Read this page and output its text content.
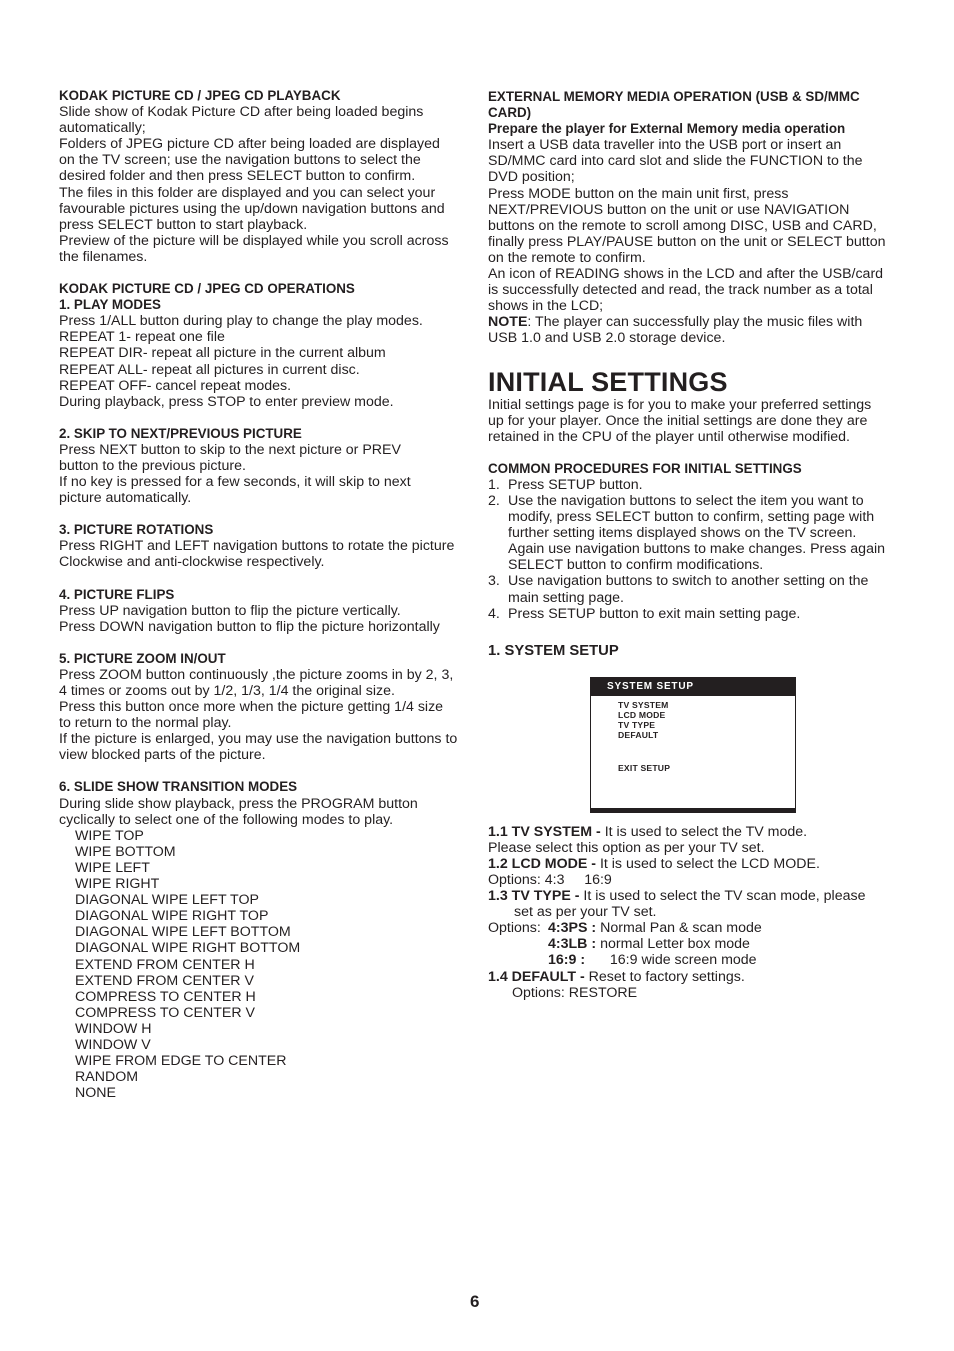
KODAK PICTURE CD / JPEG CD PLAYBACK
Slide show of Kodak Picture CD after being loaded begins
automatically;
Folders of JPEG picture CD after being loaded are displayed
on the TV screen; use the navigation buttons to select the
desired folder and then press SELECT button to confirm.
The files in this folder are displayed and you can select your
favourable pictures using the up/down navigation buttons and
press SELECT button to start playback.
Preview of the picture will be displayed while you scroll across
the filenames.
KODAK PICTURE CD / JPEG CD OPERATIONS
1. PLAY MODES
Press 1/ALL button during play to change the play modes.
REPEAT 1- repeat one file
REPEAT DIR- repeat all picture in the current album
REPEAT ALL- repeat all pictures in current disc.
REPEAT OFF- cancel repeat modes.
During playback, press STOP to enter preview mode.
2. SKIP TO NEXT/PREVIOUS PICTURE
Press NEXT button to skip to the next picture or PREV
button to the previous picture.
If no key is pressed for a few seconds, it will skip to next
picture automatically.
3. PICTURE ROTATIONS
Press RIGHT and LEFT navigation buttons to rotate the picture
Clockwise and anti-clockwise respectively.
4. PICTURE FLIPS
Press UP navigation button to flip the picture vertically.
Press DOWN navigation button to flip the picture horizontally
5. PICTURE ZOOM IN/OUT
Press ZOOM button continuously ,the picture zooms in by 2, 3,
4 times or zooms out by 1/2, 1/3, 1/4 the original size.
Press this button once more when the picture getting 1/4 size
to return to the normal play.
If the picture is enlarged, you may use the navigation buttons to
view blocked parts of the picture.
6. SLIDE SHOW TRANSITION MODES
During slide show playback, press the PROGRAM button
cyclically to select one of the following modes to play.
WIPE TOP
WIPE BOTTOM
WIPE LEFT
WIPE RIGHT
DIAGONAL WIPE LEFT TOP
DIAGONAL WIPE RIGHT TOP
DIAGONAL WIPE LEFT BOTTOM
DIAGONAL WIPE RIGHT BOTTOM
EXTEND FROM CENTER H
EXTEND FROM CENTER V
COMPRESS TO CENTER H
COMPRESS TO CENTER V
WINDOW H
WINDOW V
WIPE FROM EDGE TO CENTER
RANDOM
NONE
EXTERNAL MEMORY MEDIA OPERATION (USB & SD/MMC
CARD)
Prepare the player for External Memory media operation
Insert a USB data traveller into the USB port or insert an
SD/MMC card into card slot and slide the FUNCTION to the
DVD position;
Press MODE button on the main unit first, press
NEXT/PREVIOUS button on the unit or use NAVIGATION
buttons on the remote to scroll among DISC, USB and CARD,
finally press PLAY/PAUSE button on the unit or SELECT button
on the remote to confirm.
An icon of READING shows in the LCD and after the USB/card
is successfully detected and read, the track number as a total
shows in the LCD;
NOTE: The player can successfully play the music files with
USB 1.0 and USB 2.0 storage device.
INITIAL SETTINGS
Initial settings page is for you to make your preferred settings
up for your player. Once the initial settings are done they are
retained in the CPU of the player until otherwise modified.
COMMON PROCEDURES FOR INITIAL SETTINGS
1. Press SETUP button.
2. Use the navigation buttons to select the item you want to
modify, press SELECT button to confirm, setting page with
further setting items displayed shows on the TV screen.
Again use navigation buttons to make changes. Press again
SELECT button to confirm modifications.
3. Use navigation buttons to switch to another setting on the
main setting page.
4. Press SETUP button to exit main setting page.
1. SYSTEM SETUP
1.1 TV SYSTEM - It is used to select the TV mode.
Please select this option as per your TV set.
1.2 LCD MODE - It is used to select the LCD MODE.
Options: 4:3     16:9
1.3 TV TYPE - It is used to select the TV scan mode, please
set as per your TV set.
Options: 4:3PS : Normal Pan & scan mode
4:3LB : normal Letter box mode
16:9 :	16:9 wide screen mode
1.4 DEFAULT - Reset to factory settings.
Options: RESTORE
SYSTEM SETUP
TV SYSTEM
LCD MODE
TV TYPE
DEFAULT
EXIT SETUP
6
